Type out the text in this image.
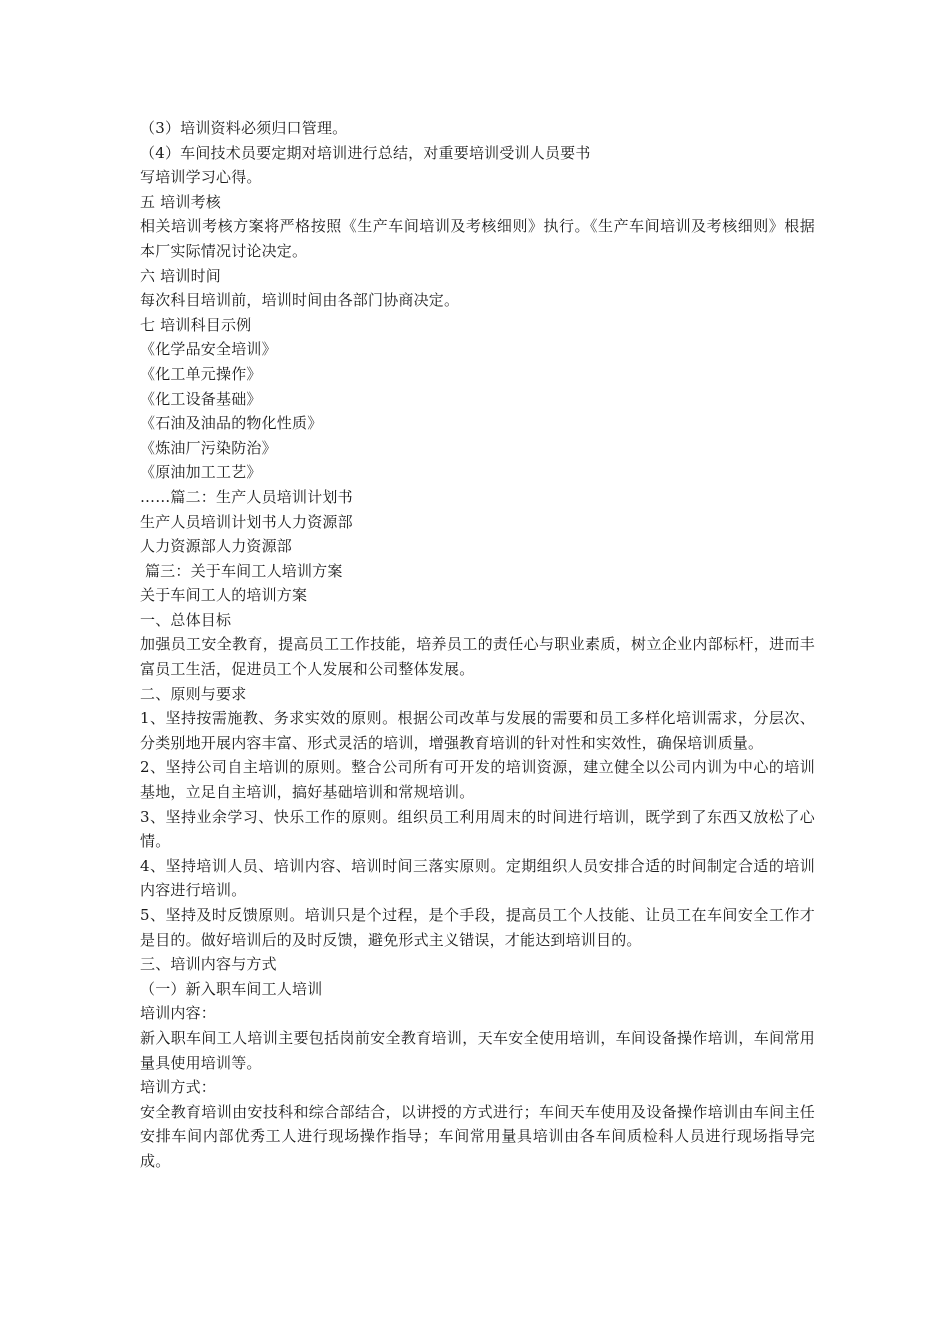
（3）培训资料必须归口管理。
（4）车间技术员要定期对培训进行总结，对重要培训受训人员要书
写培训学习心得。
五 培训考核
相关培训考核方案将严格按照《生产车间培训及考核细则》执行。《生产车间培训及考核细则》根据本厂实际情况讨论决定。
六 培训时间
每次科目培训前，培训时间由各部门协商决定。
七 培训科目示例
《化学品安全培训》
《化工单元操作》
《化工设备基础》
《石油及油品的物化性质》
《炼油厂污染防治》
《原油加工工艺》
……篇二：生产人员培训计划书
生产人员培训计划书人力资源部
人力资源部人力资源部
篇三：关于车间工人培训方案
关于车间工人的培训方案
一、总体目标
加强员工安全教育，提高员工工作技能，培养员工的责任心与职业素质，树立企业内部标杆，进而丰富员工生活，促进员工个人发展和公司整体发展。
二、原则与要求
1、坚持按需施教、务求实效的原则。根据公司改革与发展的需要和员工多样化培训需求，分层次、分类别地开展内容丰富、形式灵活的培训，增强教育培训的针对性和实效性，确保培训质量。
2、坚持公司自主培训的原则。整合公司所有可开发的培训资源，建立健全以公司内训为中心的培训基地，立足自主培训，搞好基础培训和常规培训。
3、坚持业余学习、快乐工作的原则。组织员工利用周末的时间进行培训，既学到了东西又放松了心情。
4、坚持培训人员、培训内容、培训时间三落实原则。定期组织人员安排合适的时间制定合适的培训内容进行培训。
5、坚持及时反馈原则。培训只是个过程，是个手段，提高员工个人技能、让员工在车间安全工作才是目的。做好培训后的及时反馈，避免形式主义错误，才能达到培训目的。
三、培训内容与方式
（一）新入职车间工人培训
培训内容：
新入职车间工人培训主要包括岗前安全教育培训，天车安全使用培训，车间设备操作培训，车间常用量具使用培训等。
培训方式：
安全教育培训由安技科和综合部结合，以讲授的方式进行；车间天车使用及设备操作培训由车间主任安排车间内部优秀工人进行现场操作指导；车间常用量具培训由各车间质检科人员进行现场指导完成。
